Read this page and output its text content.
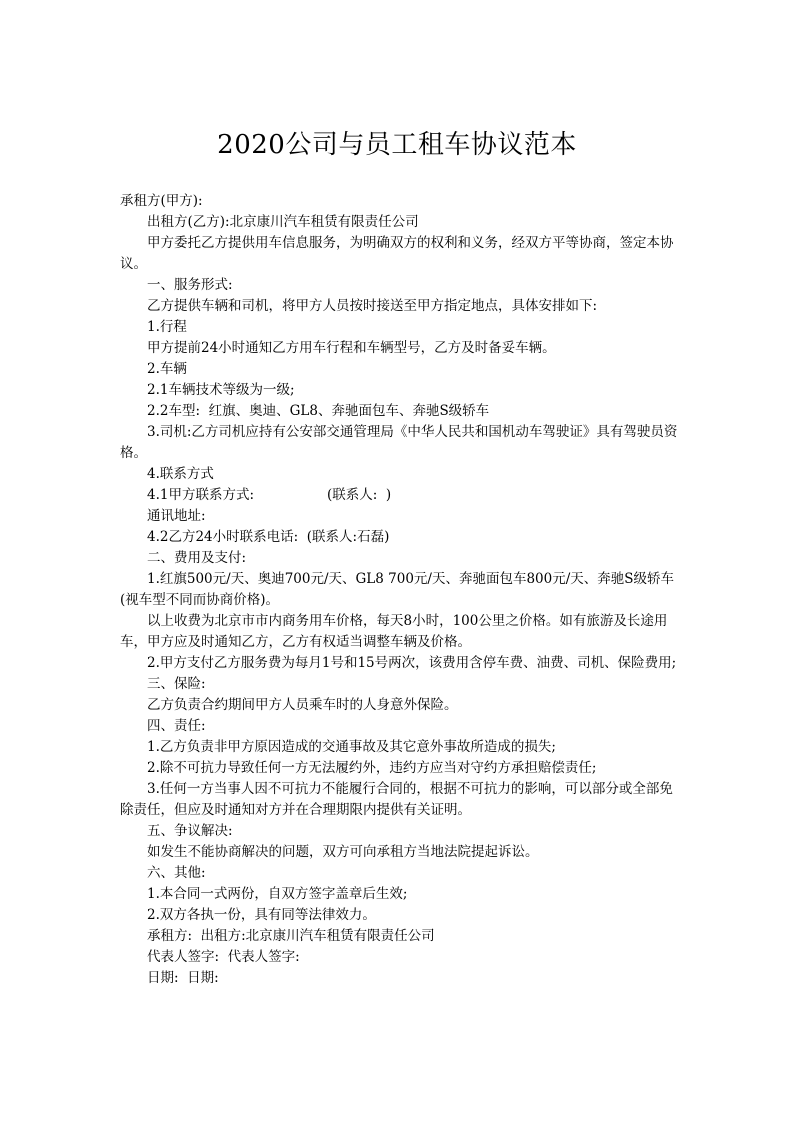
2020公司与员工租车协议范本

承租方(甲方):

出租方(乙方):北京康川汽车租赁有限责任公司

甲方委托乙方提供用车信息服务，为明确双方的权利和义务，经双方平等协商，签定本协议。

一、服务形式:

乙方提供车辆和司机，将甲方人员按时接送至甲方指定地点，具体安排如下:

1.行程

甲方提前24小时通知乙方用车行程和车辆型号，乙方及时备妥车辆。

2.车辆

2.1车辆技术等级为一级;

2.2车型:  红旗、奥迪、GL8、奔驰面包车、奔驰S级轿车

3.司机:乙方司机应持有公安部交通管理局《中华人民共和国机动车驾驶证》具有驾驶员资格。

4.联系方式

4.1甲方联系方式:                 (联系人:  )

通讯地址:

4.2乙方24小时联系电话:  (联系人:石磊)

二、费用及支付:

1.红旗500元/天、奥迪700元/天、GL8 700元/天、奔驰面包车800元/天、奔驰S级轿车(视车型不同而协商价格)。

以上收费为北京市市内商务用车价格，每天8小时，100公里之价格。如有旅游及长途用车，甲方应及时通知乙方，乙方有权适当调整车辆及价格。

2.甲方支付乙方服务费为每月1号和15号两次，该费用含停车费、油费、司机、保险费用;

三、保险:

乙方负责合约期间甲方人员乘车时的人身意外保险。

四、责任:

1.乙方负责非甲方原因造成的交通事故及其它意外事故所造成的损失;

2.除不可抗力导致任何一方无法履约外，违约方应当对守约方承担赔偿责任;

3.任何一方当事人因不可抗力不能履行合同的，根据不可抗力的影响，可以部分或全部免除责任，但应及时通知对方并在合理期限内提供有关证明。

五、争议解决:

如发生不能协商解决的问题，双方可向承租方当地法院提起诉讼。

六、其他:

1.本合同一式两份，自双方签字盖章后生效;

2.双方各执一份，具有同等法律效力。

承租方:  出租方:北京康川汽车租赁有限责任公司

代表人签字:  代表人签字:

日期:  日期:
